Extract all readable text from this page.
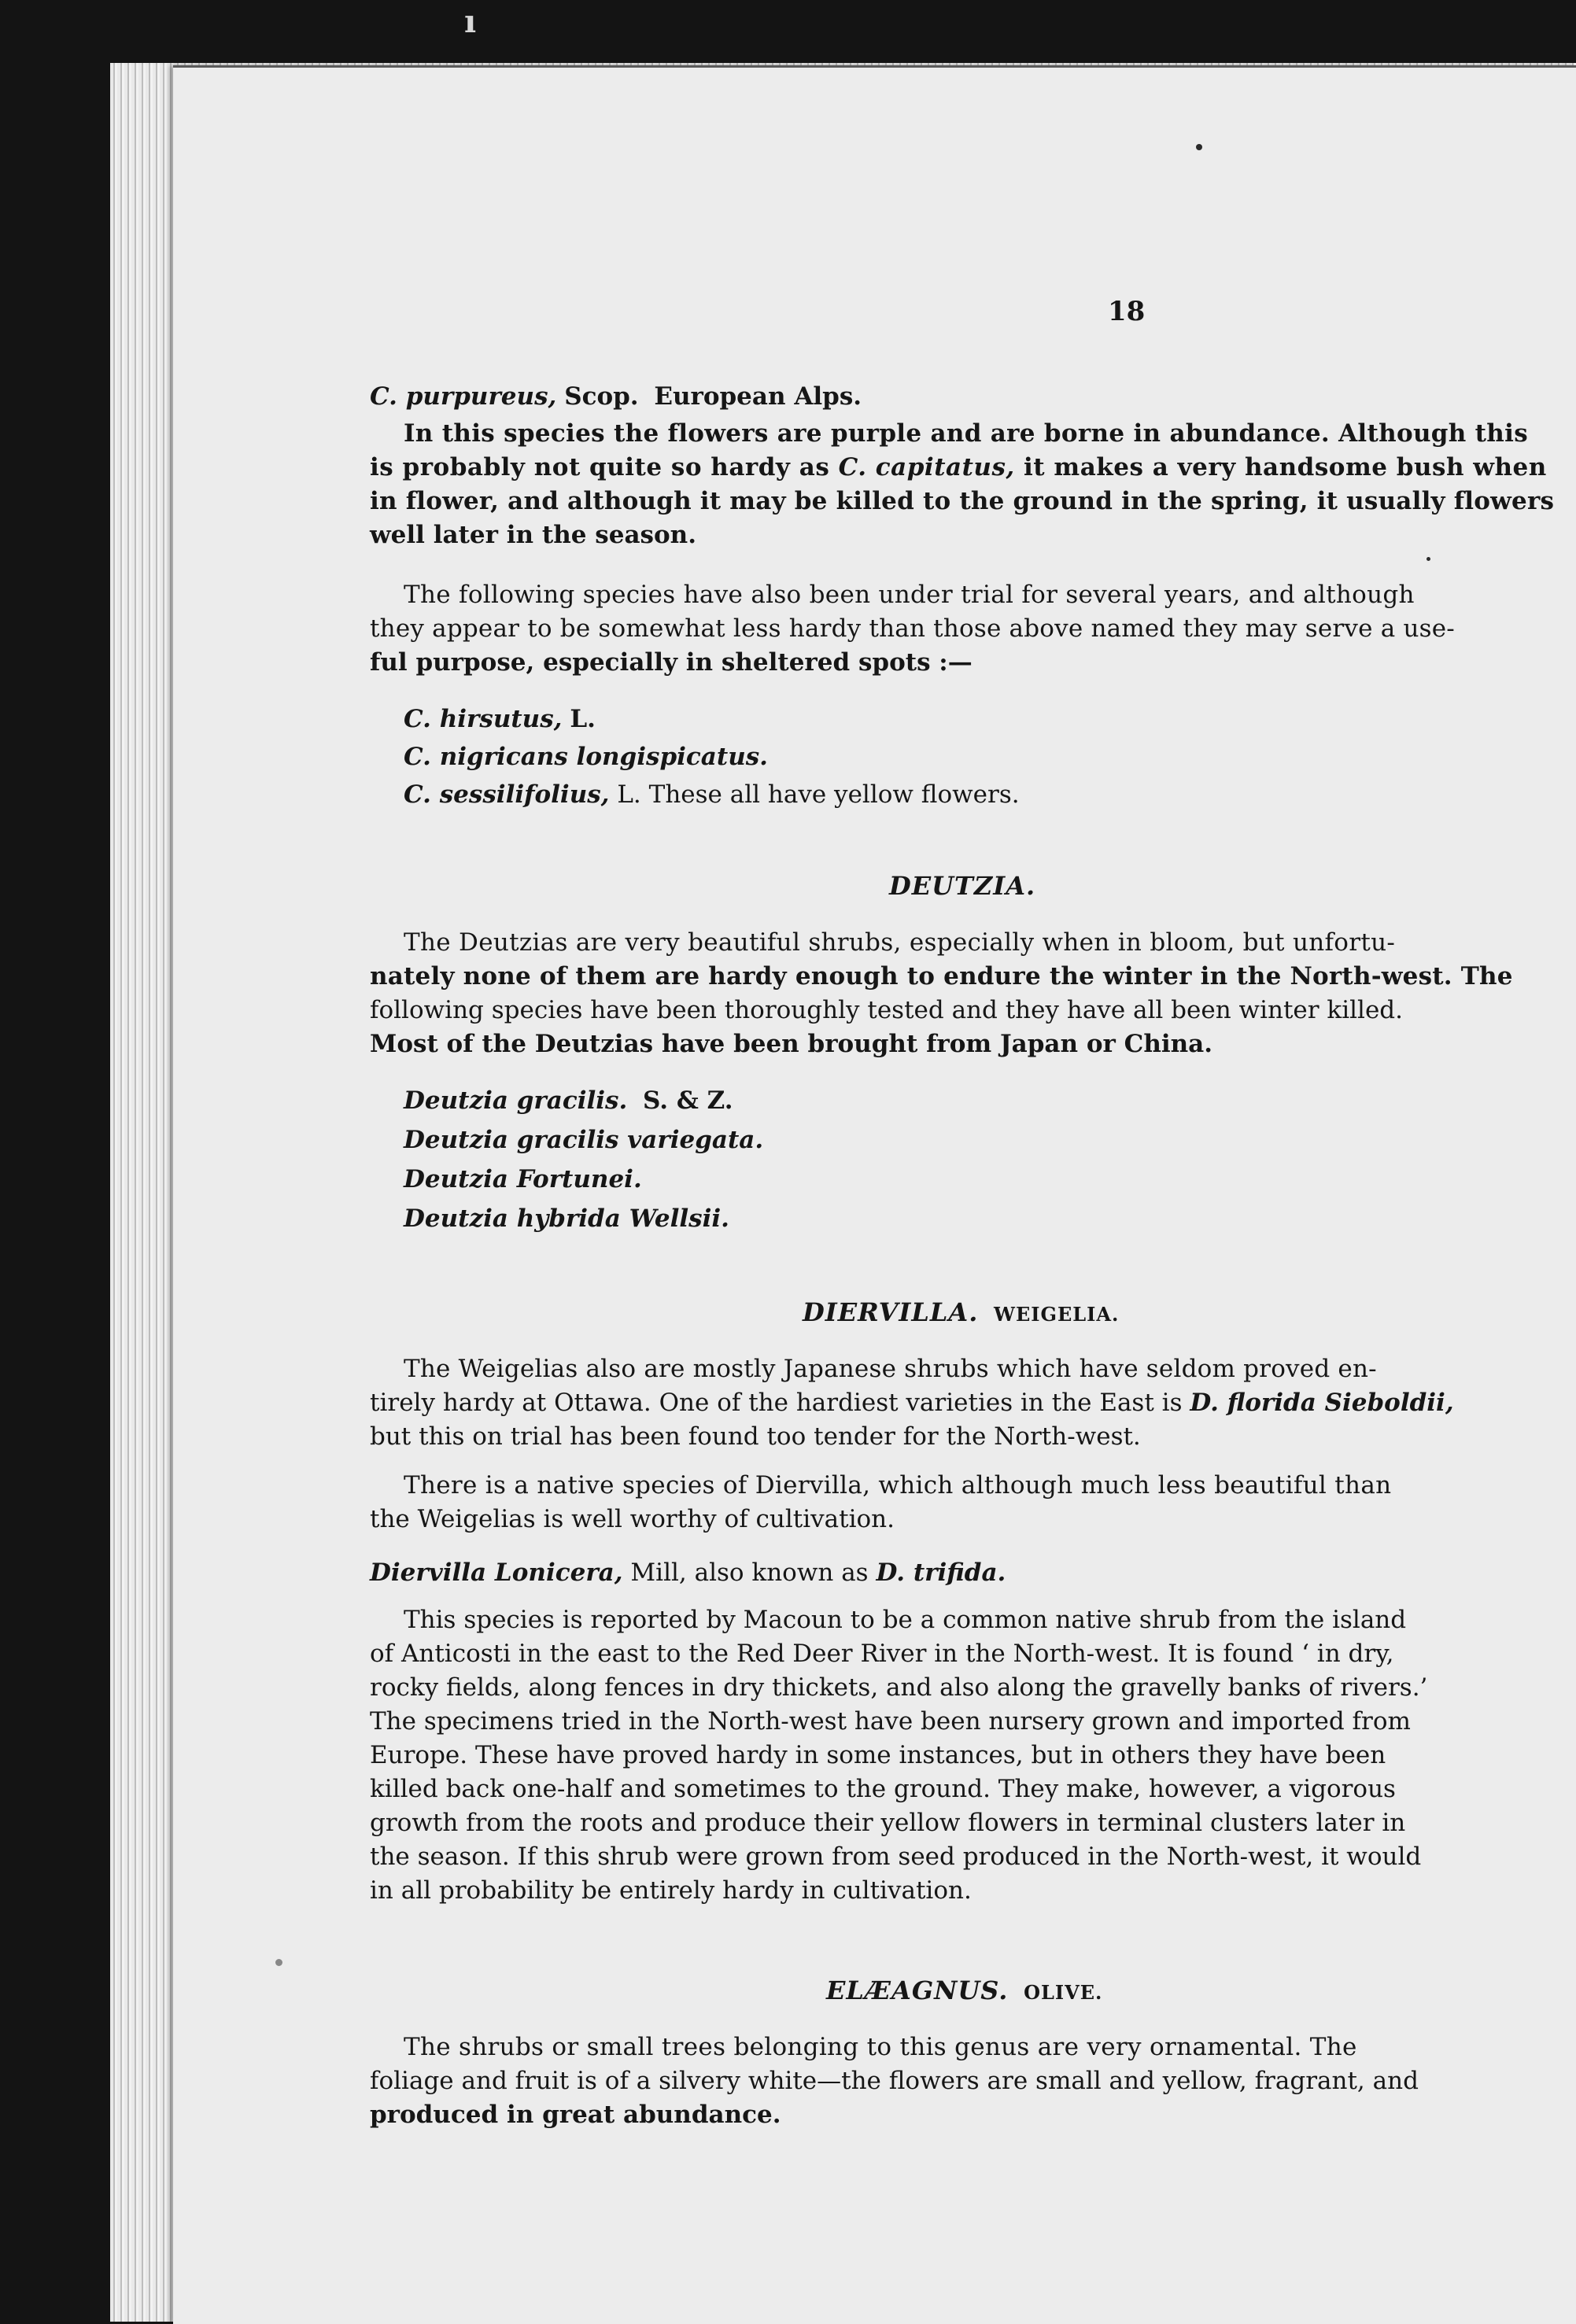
ı
18

C. purpureus, Scop. European Alps.

In this species the flowers are purple and are borne in abundance. Although this

is probably not quite so hardy as C. capitatus, it makes a very handsome bush when

in flower, and although it may be killed to the ground in the spring, it usually flowers

well later in the season.

The following species have also been under trial for several years, and although

they appear to be somewhat less hardy than those above named they may serve a use-

ful purpose, especially in sheltered spots :—

C. hirsutus, L.

C. nigricans longispicatus.

C. sessilifolius, L. These all have yellow flowers.

DEUTZIA.

The Deutzias are very beautiful shrubs, especially when in bloom, but unfortu-

nately none of them are hardy enough to endure the winter in the North-west. The

following species have been thoroughly tested and they have all been winter killed.

Most of the Deutzias have been brought from Japan or China.

Deutzia gracilis. S. & Z.

Deutzia gracilis variegata.

Deutzia Fortunei.

Deutzia hybrida Wellsii.

DIERVILLA. WEIGELIA.

The Weigelias also are mostly Japanese shrubs which have seldom proved en-

tirely hardy at Ottawa. One of the hardiest varieties in the East is D. florida Sieboldii,

but this on trial has been found too tender for the North-west.

There is a native species of Diervilla, which although much less beautiful than

the Weigelias is well worthy of cultivation.

Diervilla Lonicera, Mill, also known as D. trifida.

This species is reported by Macoun to be a common native shrub from the island

of Anticosti in the east to the Red Deer River in the North-west. It is found ‘ in dry,

rocky fields, along fences in dry thickets, and also along the gravelly banks of rivers.’

The specimens tried in the North-west have been nursery grown and imported from

Europe. These have proved hardy in some instances, but in others they have been

killed back one-half and sometimes to the ground. They make, however, a vigorous

growth from the roots and produce their yellow flowers in terminal clusters later in

the season. If this shrub were grown from seed produced in the North-west, it would

in all probability be entirely hardy in cultivation.

ELÆAGNUS. OLIVE.

The shrubs or small trees belonging to this genus are very ornamental. The

foliage and fruit is of a silvery white—the flowers are small and yellow, fragrant, and

produced in great abundance.
